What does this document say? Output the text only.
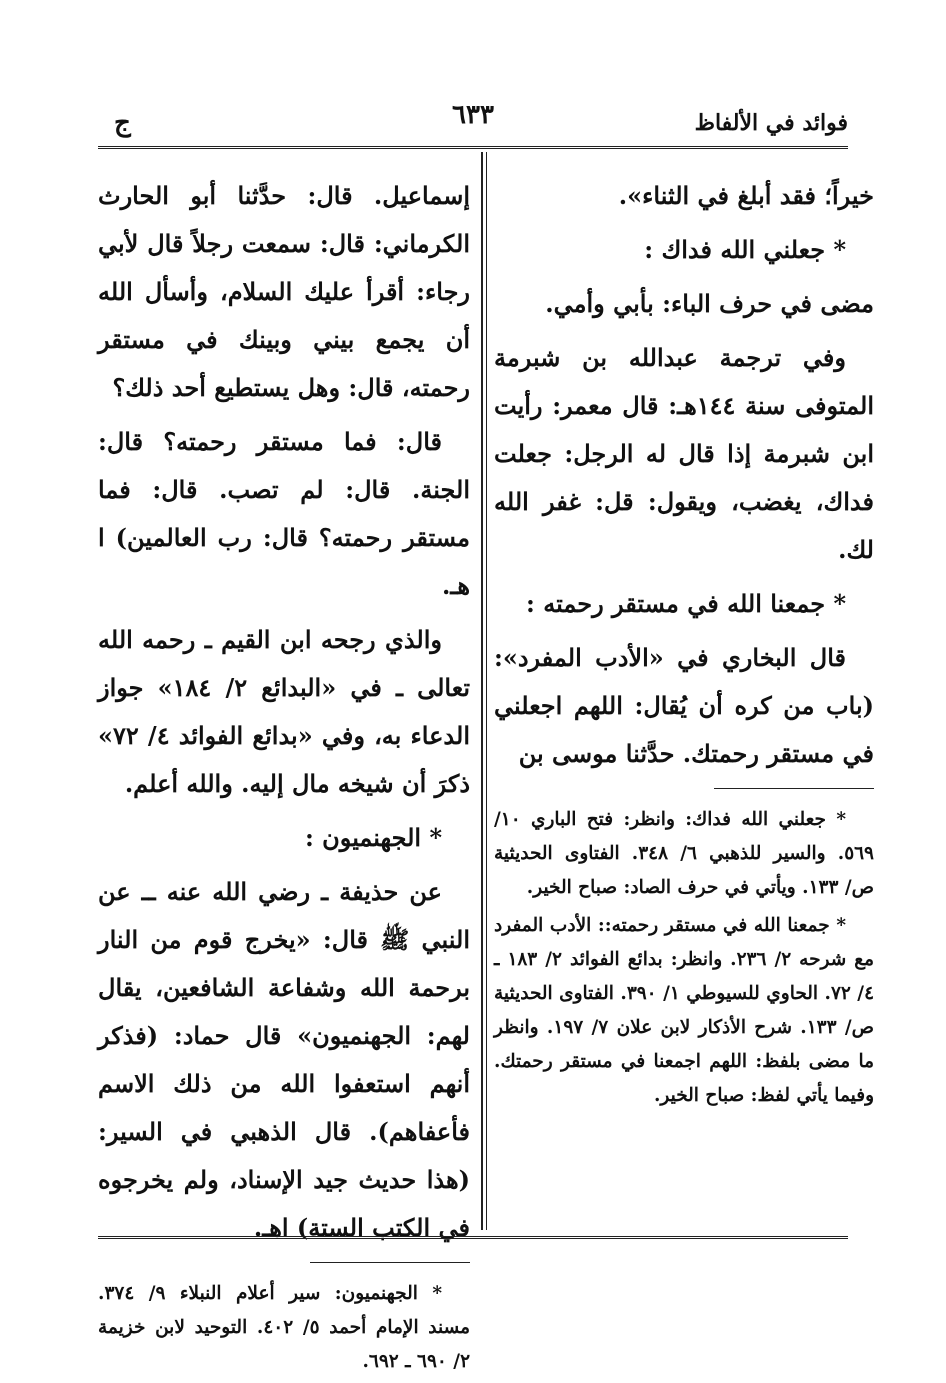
فوائد في الألفاظ
٦٣٣
ج

خيراً؛ فقد أبلغ في الثناء».

* جعلني الله فداك :

مضى في حرف الباء: بأبي وأمي.

وفي ترجمة عبدالله بن شبرمة المتوفى سنة ١٤٤هـ: قال معمر: رأيت ابن شبرمة إذا قال له الرجل: جعلت فداك، يغضب، ويقول: قل: غفر الله لك.

* جمعنا الله في مستقر رحمته :

قال البخاري في «الأدب المفرد»: (باب من كره أن يُقال: اللهم اجعلني في مستقر رحمتك. حدَّثنا موسى بن

* جعلني الله فداك: وانظر: فتح الباري ١٠/ ٥٦٩. والسير للذهبي ٦/ ٣٤٨. الفتاوى الحديثية ص/ ١٣٣. ويأتي في حرف الصاد: صباح الخير.

* جمعنا الله في مستقر رحمته:: الأدب المفرد مع شرحه ٢/ ٢٣٦. وانظر: بدائع الفوائد ٢/ ١٨٣ ـ ٤/ ٧٢. الحاوي للسيوطي ١/ ٣٩٠. الفتاوى الحديثية ص/ ١٣٣. شرح الأذكار لابن علان ٧/ ١٩٧. وانظر ما مضى بلفظ: اللهم اجمعنا في مستقر رحمتك. وفيما يأتي لفظ: صباح الخير.

إسماعيل. قال: حدَّثنا أبو الحارث الكرماني: قال: سمعت رجلاً قال لأبي رجاء: أقرأ عليك السلام، وأسأل الله أن يجمع بيني وبينك في مستقر رحمته، قال: وهل يستطيع أحد ذلك؟

قال: فما مستقر رحمته؟ قال: الجنة. قال: لم تصب. قال: فما مستقر رحمته؟ قال: رب العالمين) ا هـ.

والذي رجحه ابن القيم ـ رحمه الله تعالى ـ في «البدائع ٢/ ١٨٤» جواز الدعاء به، وفي «بدائع الفوائد ٤/ ٧٢» ذكرَ أن شيخه مال إليه. والله أعلم.

* الجهنميون :

عن حذيفة ـ رضي الله عنه ــ عن النبي ﷺ قال: «يخرج قوم من النار برحمة الله وشفاعة الشافعين، يقال لهم: الجهنميون» قال حماد: (فذكر أنهم استعفوا الله من ذلك الاسم فأعفاهم). قال الذهبي في السير: (هذا حديث جيد الإسناد، ولم يخرجوه في الكتب الستة) اهـ.

* الجهنميون: سير أعلام النبلاء ٩/ ٣٧٤. مسند الإمام أحمد ٥/ ٤٠٢. التوحيد لابن خزيمة ٢/ ٦٩٠ ـ ٦٩٢.
